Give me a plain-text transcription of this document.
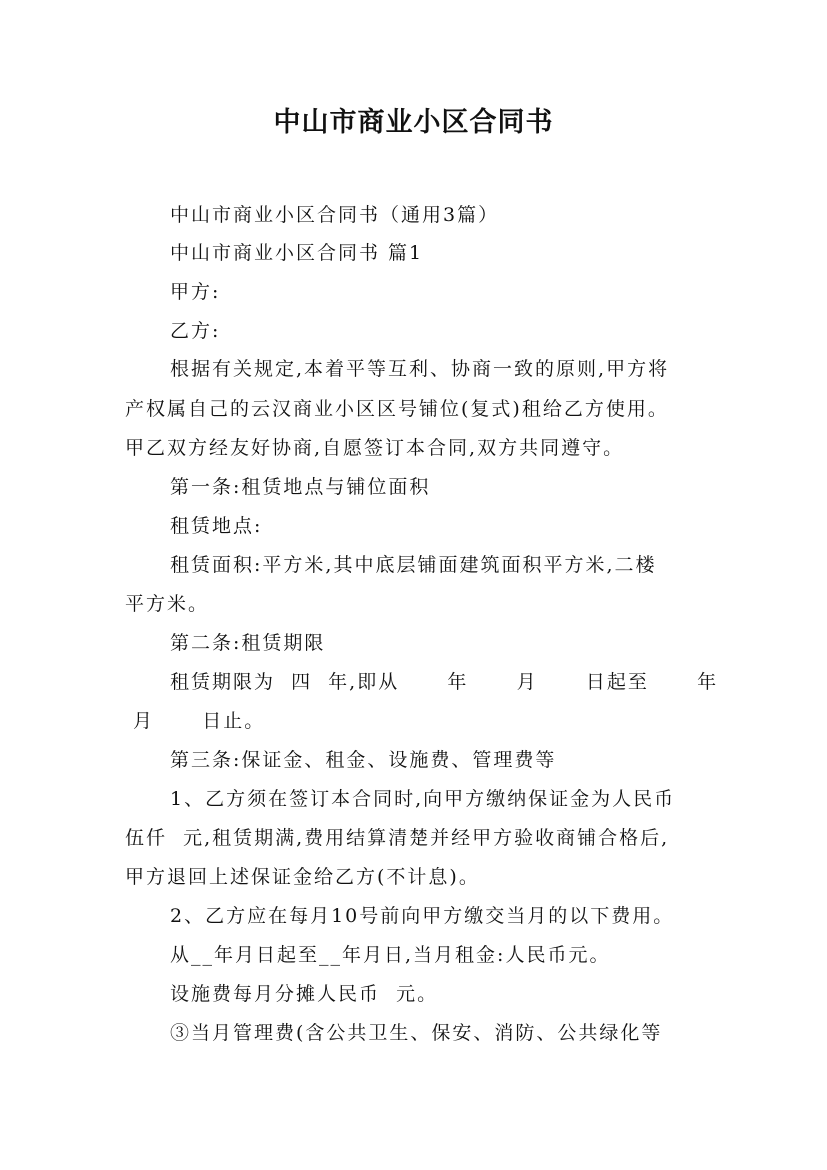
中山市商业小区合同书
中山市商业小区合同书（通用3篇）
中山市商业小区合同书 篇1
甲方:
乙方:
根据有关规定,本着平等互利、协商一致的原则,甲方将
产权属自己的云汉商业小区区号铺位(复式)租给乙方使用。
甲乙双方经友好协商,自愿签订本合同,双方共同遵守。
第一条:租赁地点与铺位面积
租赁地点:
租赁面积:平方米,其中底层铺面建筑面积平方米,二楼
平方米。
第二条:租赁期限
租赁期限为  四  年,即从      年      月      日起至      年
月      日止。
第三条:保证金、租金、设施费、管理费等
1、乙方须在签订本合同时,向甲方缴纳保证金为人民币
伍仟  元,租赁期满,费用结算清楚并经甲方验收商铺合格后,
甲方退回上述保证金给乙方(不计息)。
2、乙方应在每月10号前向甲方缴交当月的以下费用。
从__年月日起至__年月日,当月租金:人民币元。
设施费每月分摊人民币  元。
③当月管理费(含公共卫生、保安、消防、公共绿化等
